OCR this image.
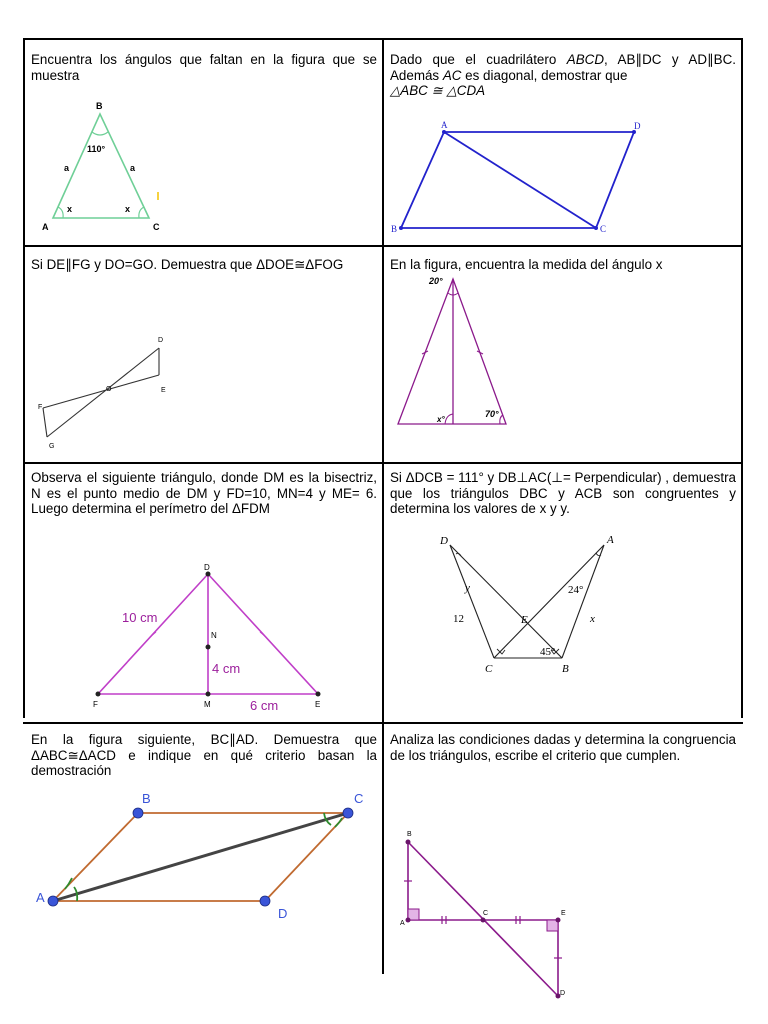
Encuentra los ángulos que faltan en la figura que se muestra
B
110°
a	a
x	x
A	C
Dado que el cuadrilátero ABCD, AB∥DC y AD∥BC. Además AC es diagonal, demostrar que
△ABC ≅ △CDA
A	D
B	C
Si DE∥FG y DO=GO. Demuestra que ΔDOE≅ΔFOG
D
F
O	E
G
En la figura, encuentra la medida del ángulo x
20°
x°
70°
Observa el siguiente triángulo, donde DM es la bisectriz, N es el punto medio de DM y FD=10, MN=4 y ME= 6. Luego determina el perímetro del ΔFDM
D
N
F	M	E
10 cm
4 cm
6 cm
Si ΔDCB = 111° y DB⊥AC(⊥= Perpendicular) , demuestra que los triángulos DBC y ACB son congruentes y determina los valores de x y y.
D	A
y
12
24°
x
E
45°
C	B
En la figura siguiente, BC∥AD. Demuestra que ΔABC≅ΔACD e indique en qué criterio basan la demostración
B	C
A
D
Analiza las condiciones dadas y determina la congruencia de los triángulos, escribe el criterio que cumplen.
B
A
C	E
D
